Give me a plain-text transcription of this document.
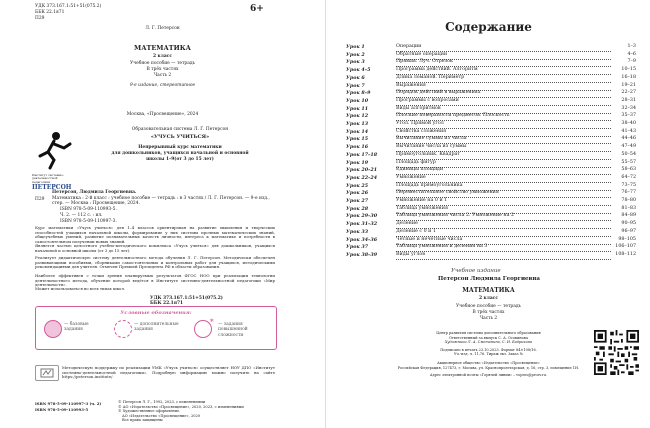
УДК 373.167.1:51+51(075.2)
ББК 22.1я71
П29
6+
Л. Г. Петерсон
МАТЕМАТИКА
2 класс
Учебное пособие — тетрадь
В трёх частях
Часть 2
9-е издание, стереотипное
Москва, «Просвещение», 2024
Институт системно-деятельностной педагогики
ПЕТЕРСОН
Образовательная система Л. Г. Петерсон
«УЧУСЬ УЧИТЬСЯ»
Непрерывный курс математики
для дошкольников, учащихся начальной и основной
школы 1–9(от 3 до 15 лет)
П29
Петерсон, Людмила Георгиевна.
Математика : 2-й класс : учебное пособие — тетрадь : в 3 частях / Л. Г. Петерсон. — 9-е изд., стер. — Москва : Просвещение, 2024.
ISBN 978-5-09-110993-5.
Ч. 2. — 112 с. : ил.
ISBN 978-5-09-110997-3.
Курс математики «Учусь учиться» для 1–4 классов ориентирован на развитие мышления и творческих способностей учащихся начальной школы, формирование у них системы прочных математических знаний, общеучебных умений, развитие познавательных качеств личности, интереса к математике и потребности в самостоятельном получении новых знаний.
Является частью целостного учебно-методического комплекса «Учусь учиться» для дошкольников, учащихся начальной и основной школы (от 3 до 15 лет).
Реализует дидактическую систему деятельностного метода обучения Л. Г. Петерсон. Методически обеспечен развивающими пособиями, сборниками самостоятельных и контрольных работ для учащихся, методическими рекомендациями для учителя. Отмечен Премией Президента РФ в области образования.
Наиболее эффективен с точки зрения планируемых результатов ФГОС НОО при реализации технологии деятельностного метода, обучение которой ведётся в Институте системно-деятельностной педагогики «Мир деятельности».
Может использоваться во всех типах школ.
УДК 373.167.1:51+51(075.2)
ББК 22.1я71
Условные обозначения:
— базовые задания
— дополнительные задания
* — задания повышенной сложности
Методическую поддержку по реализации УМК «Учусь учиться» осуществляет НОУ ДПО «Институт системно-деятельностной педагогики». Подробную информацию можно получить на сайте https://peterson.institute/.
ISBN 978-5-09-110997-3 (ч. 2)
ISBN 978-5-09-110993-5
© Петерсон Л. Г., 1992, 2023, с изменениями
© АО «Издательство «Просвещение», 2020, 2023, с изменениями
© Художественное оформление.
АО «Издательство «Просвещение», 2020
Все права защищены
Содержание
Урок 1	Операции	1–3
Урок 2	Обратные операции	4–6
Урок 3	Прямая. Луч. Отрезок	7–9
Урок 4–5	Программа действий. Алгоритм	10–15
Урок 6	Длина ломаной. Периметр	16–18
Урок 7	Выражения	19–21
Урок 8–9	Порядок действий в выражениях	22–27
Урок 10	Программы с вопросами	28–31
Урок 11	Виды алгоритмов	32–34
Урок 12	Плоские поверхности предметов. Плоскость	35–37
Урок 13	Угол. Прямой угол	38–40
Урок 14	Свойства сложения	41–43
Урок 15	Вычитание суммы из числа	44–46
Урок 16	Вычитание числа из суммы	47–49
Урок 17–18	Прямоугольник. Квадрат	50–54
Урок 19	Площадь фигур	55–57
Урок 20–21	Единицы площади	58–63
Урок 22–24	Умножение	64–72
Урок 25	Площадь прямоугольника	73–75
Урок 26	Переместительное свойство умножения	76–77
Урок 27	Умножение на 0 и 1	78–80
Урок 28	Таблица умножения	81–83
Урок 29–30	Таблица умножения числа 2. Умножение на 2	84–89
Урок 31–32	Деление	90–95
Урок 33	Деление с 0 и 1	96–97
Урок 34–36	Чётные и нечётные числа	98–105
Урок 37	Таблица умножения и деления на 3	106–107
Урок 38–39	Виды углов	108–112
Учебное издание
Петерсон Людмила Георгиевна
МАТЕМАТИКА
2 класс
Учебное пособие — тетрадь
В трёх частях
Часть 2
Центр развития системы дополнительного образования
Ответственный за выпуск С. А. Осокинова
Художники Л. А. Сметанина, С. И. Бодрихина
Подписано в печать 23.10.2023. Формат 84×108/16.
Уч.-изд. л. 11,76. Тираж экз. Заказ №
Акционерное общество «Издательство «Просвещение»
Российская Федерация, 127473, г. Москва, ул. Краснопролетарская, д. 16, стр. 3, помещение 1Н.
Адрес электронной почты «Горячей линии» – vopros@prosv.ru.
